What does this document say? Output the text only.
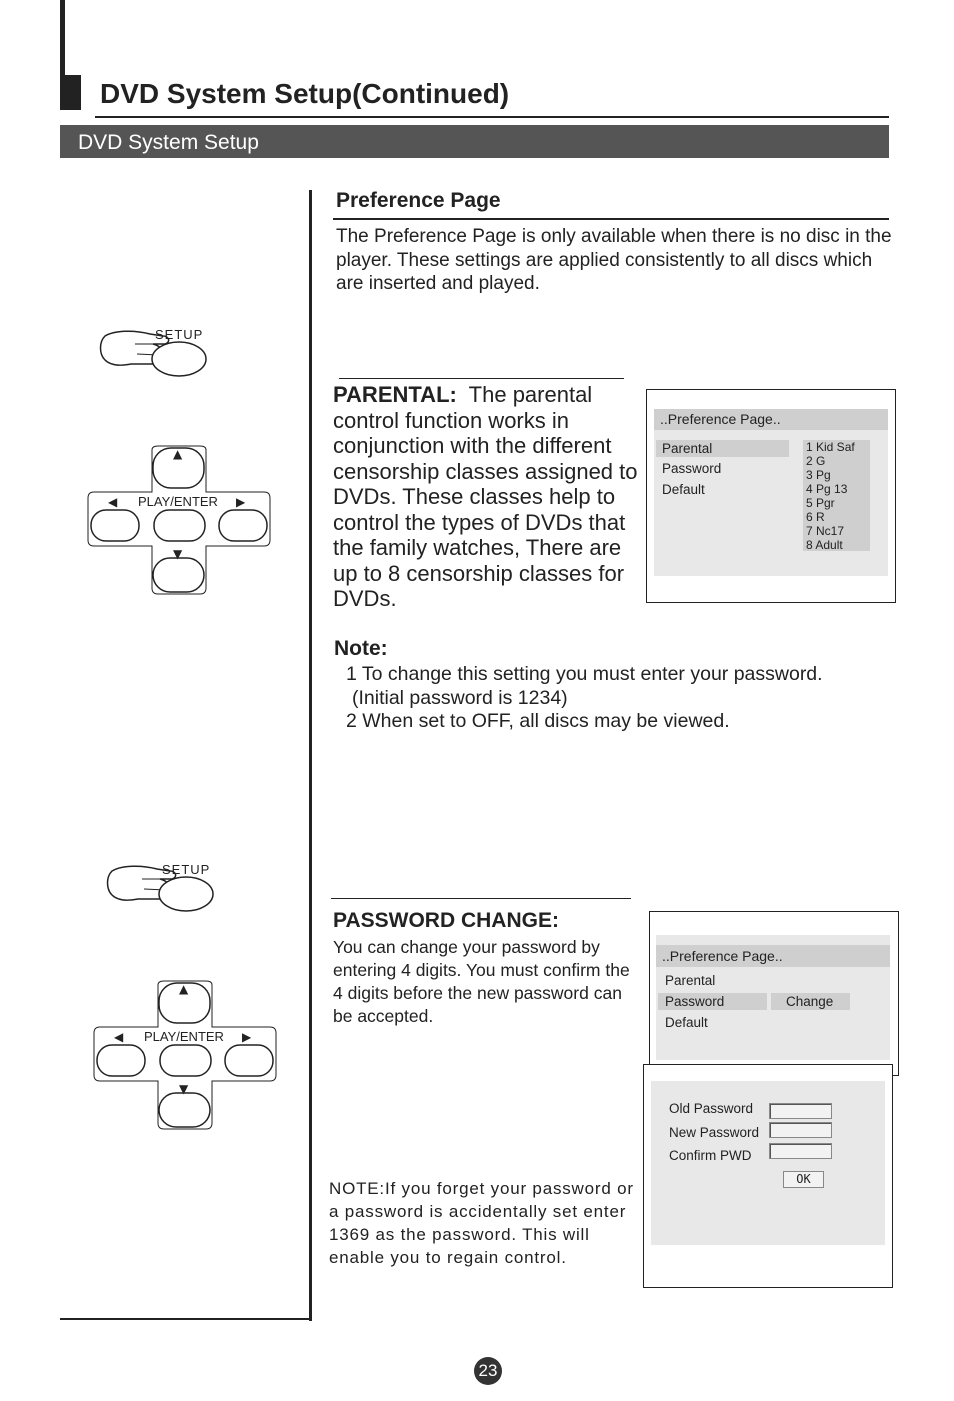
DVD System Setup(Continued)
DVD System Setup
Preference Page
The Preference Page is only available when there is no disc in the player. These settings are applied consistently to all discs which are inserted and played.
SETUP
▲
▼
◀	▶
PLAY/ENTER
PARENTAL: The parental control function works in conjunction with the different censorship classes assigned to DVDs. These classes help to control the types of DVDs that the family watches, There are up to 8 censorship classes for DVDs.
..Preference Page..
Parental
Password
Default
1 Kid Saf
2 G
3 Pg
4 Pg 13
5 Pgr
6 R
7 Nc17
8 Adult
Note:
1 To change this setting you must enter your password.
(Initial password is 1234)
2 When set to OFF, all discs may be viewed.
SETUP
▲
▼
◀	▶
PLAY/ENTER
PASSWORD CHANGE:
You can change your password by entering 4 digits. You must confirm the 4 digits before the new password can be accepted.
NOTE:If you forget your password or a password is accidentally set enter 1369 as the password. This will enable you to regain control.
..Preference Page..
Parental
Password	Change
Default
Old Password
New Password
Confirm PWD
OK
23
